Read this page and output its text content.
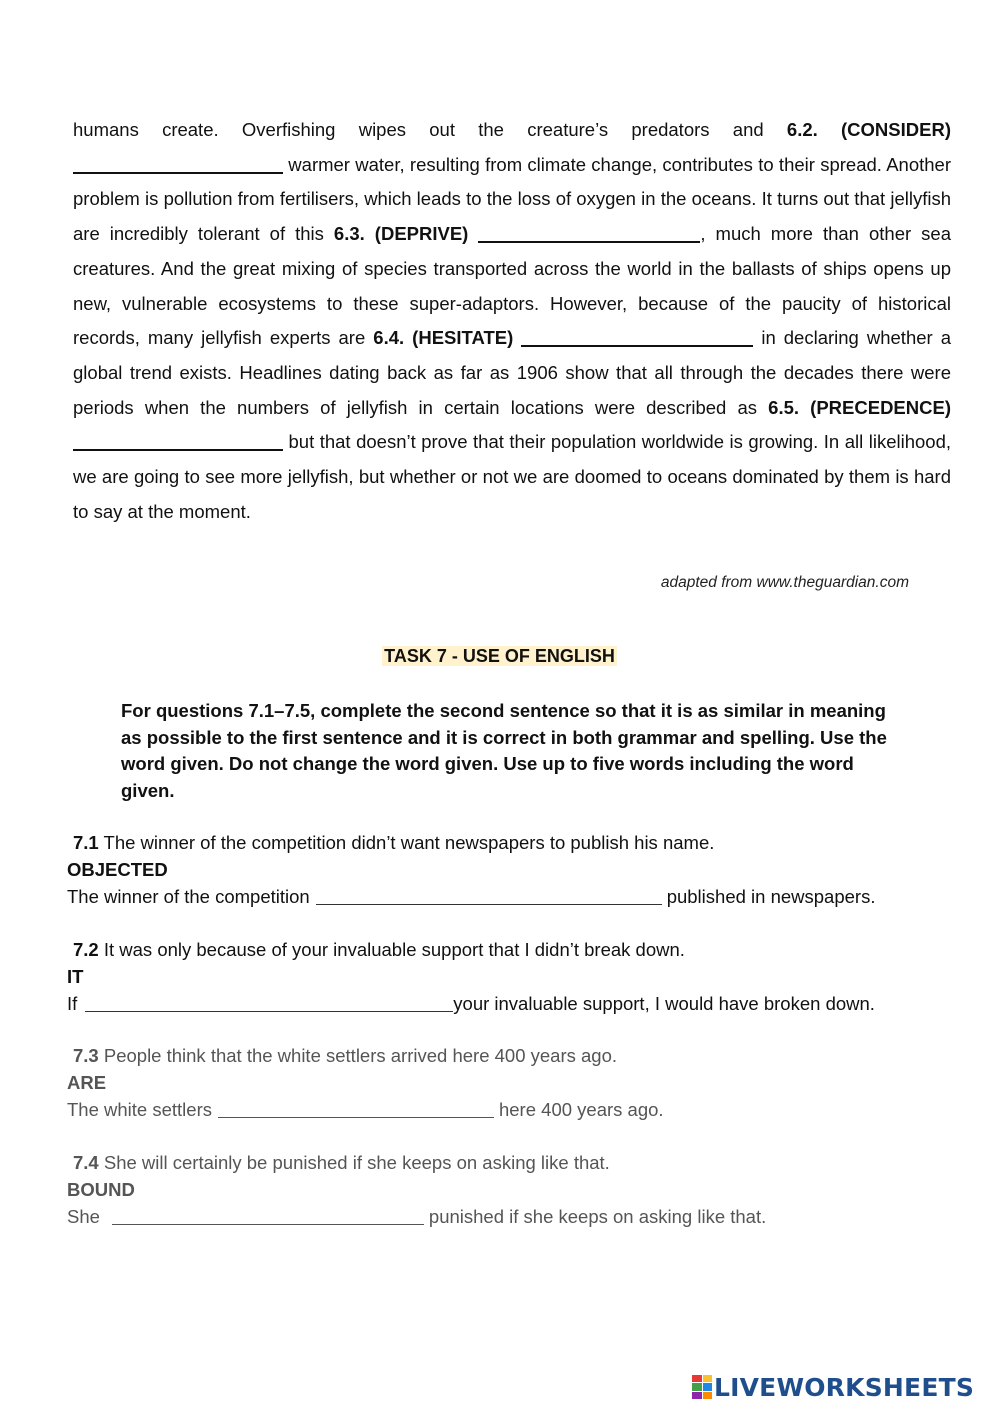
humans create. Overfishing wipes out the creature’s predators and 6.2. (CONSIDER)  warmer water, resulting from climate change, contributes to their spread. Another problem is pollution from fertilisers, which leads to the loss of oxygen in the oceans. It turns out that jellyfish are incredibly tolerant of this 6.3. (DEPRIVE)	, much more than other sea creatures. And the great mixing of species transported across the world in the ballasts of ships opens up new, vulnerable ecosystems to these super-adaptors. However, because of the paucity of historical records, many jellyfish experts are 6.4. (HESITATE)	in declaring whether a global trend exists. Headlines dating back as far as 1906 show that all through the decades there were periods when the numbers of jellyfish in certain locations were described as 6.5. (PRECEDENCE)  but that doesn’t prove that their population worldwide is growing. In all likelihood, we are going to see more jellyfish, but whether or not we are doomed to oceans dominated by them is hard to say at the moment.

adapted from www.theguardian.com
TASK 7 - USE OF ENGLISH

For questions 7.1–7.5, complete the second sentence so that it is as similar in meaning as possible to the first sentence and it is correct in both grammar and spelling. Use the word given. Do not change the word given. Use up to five words including the word given.

7.1 The winner of the competition didn’t want newspapers to publish his name.
OBJECTED
The winner of the competition	published in newspapers.
7.2 It was only because of your invaluable support that I didn’t break down.
IT
If	your invaluable support, I would have broken down.
7.3 People think that the white settlers arrived here 400 years ago.
ARE
The white settlers	here 400 years ago.
7.4 She will certainly be punished if she keeps on asking like that.
BOUND
She	punished if she keeps on asking like that.
LIVEWORKSHEETS
